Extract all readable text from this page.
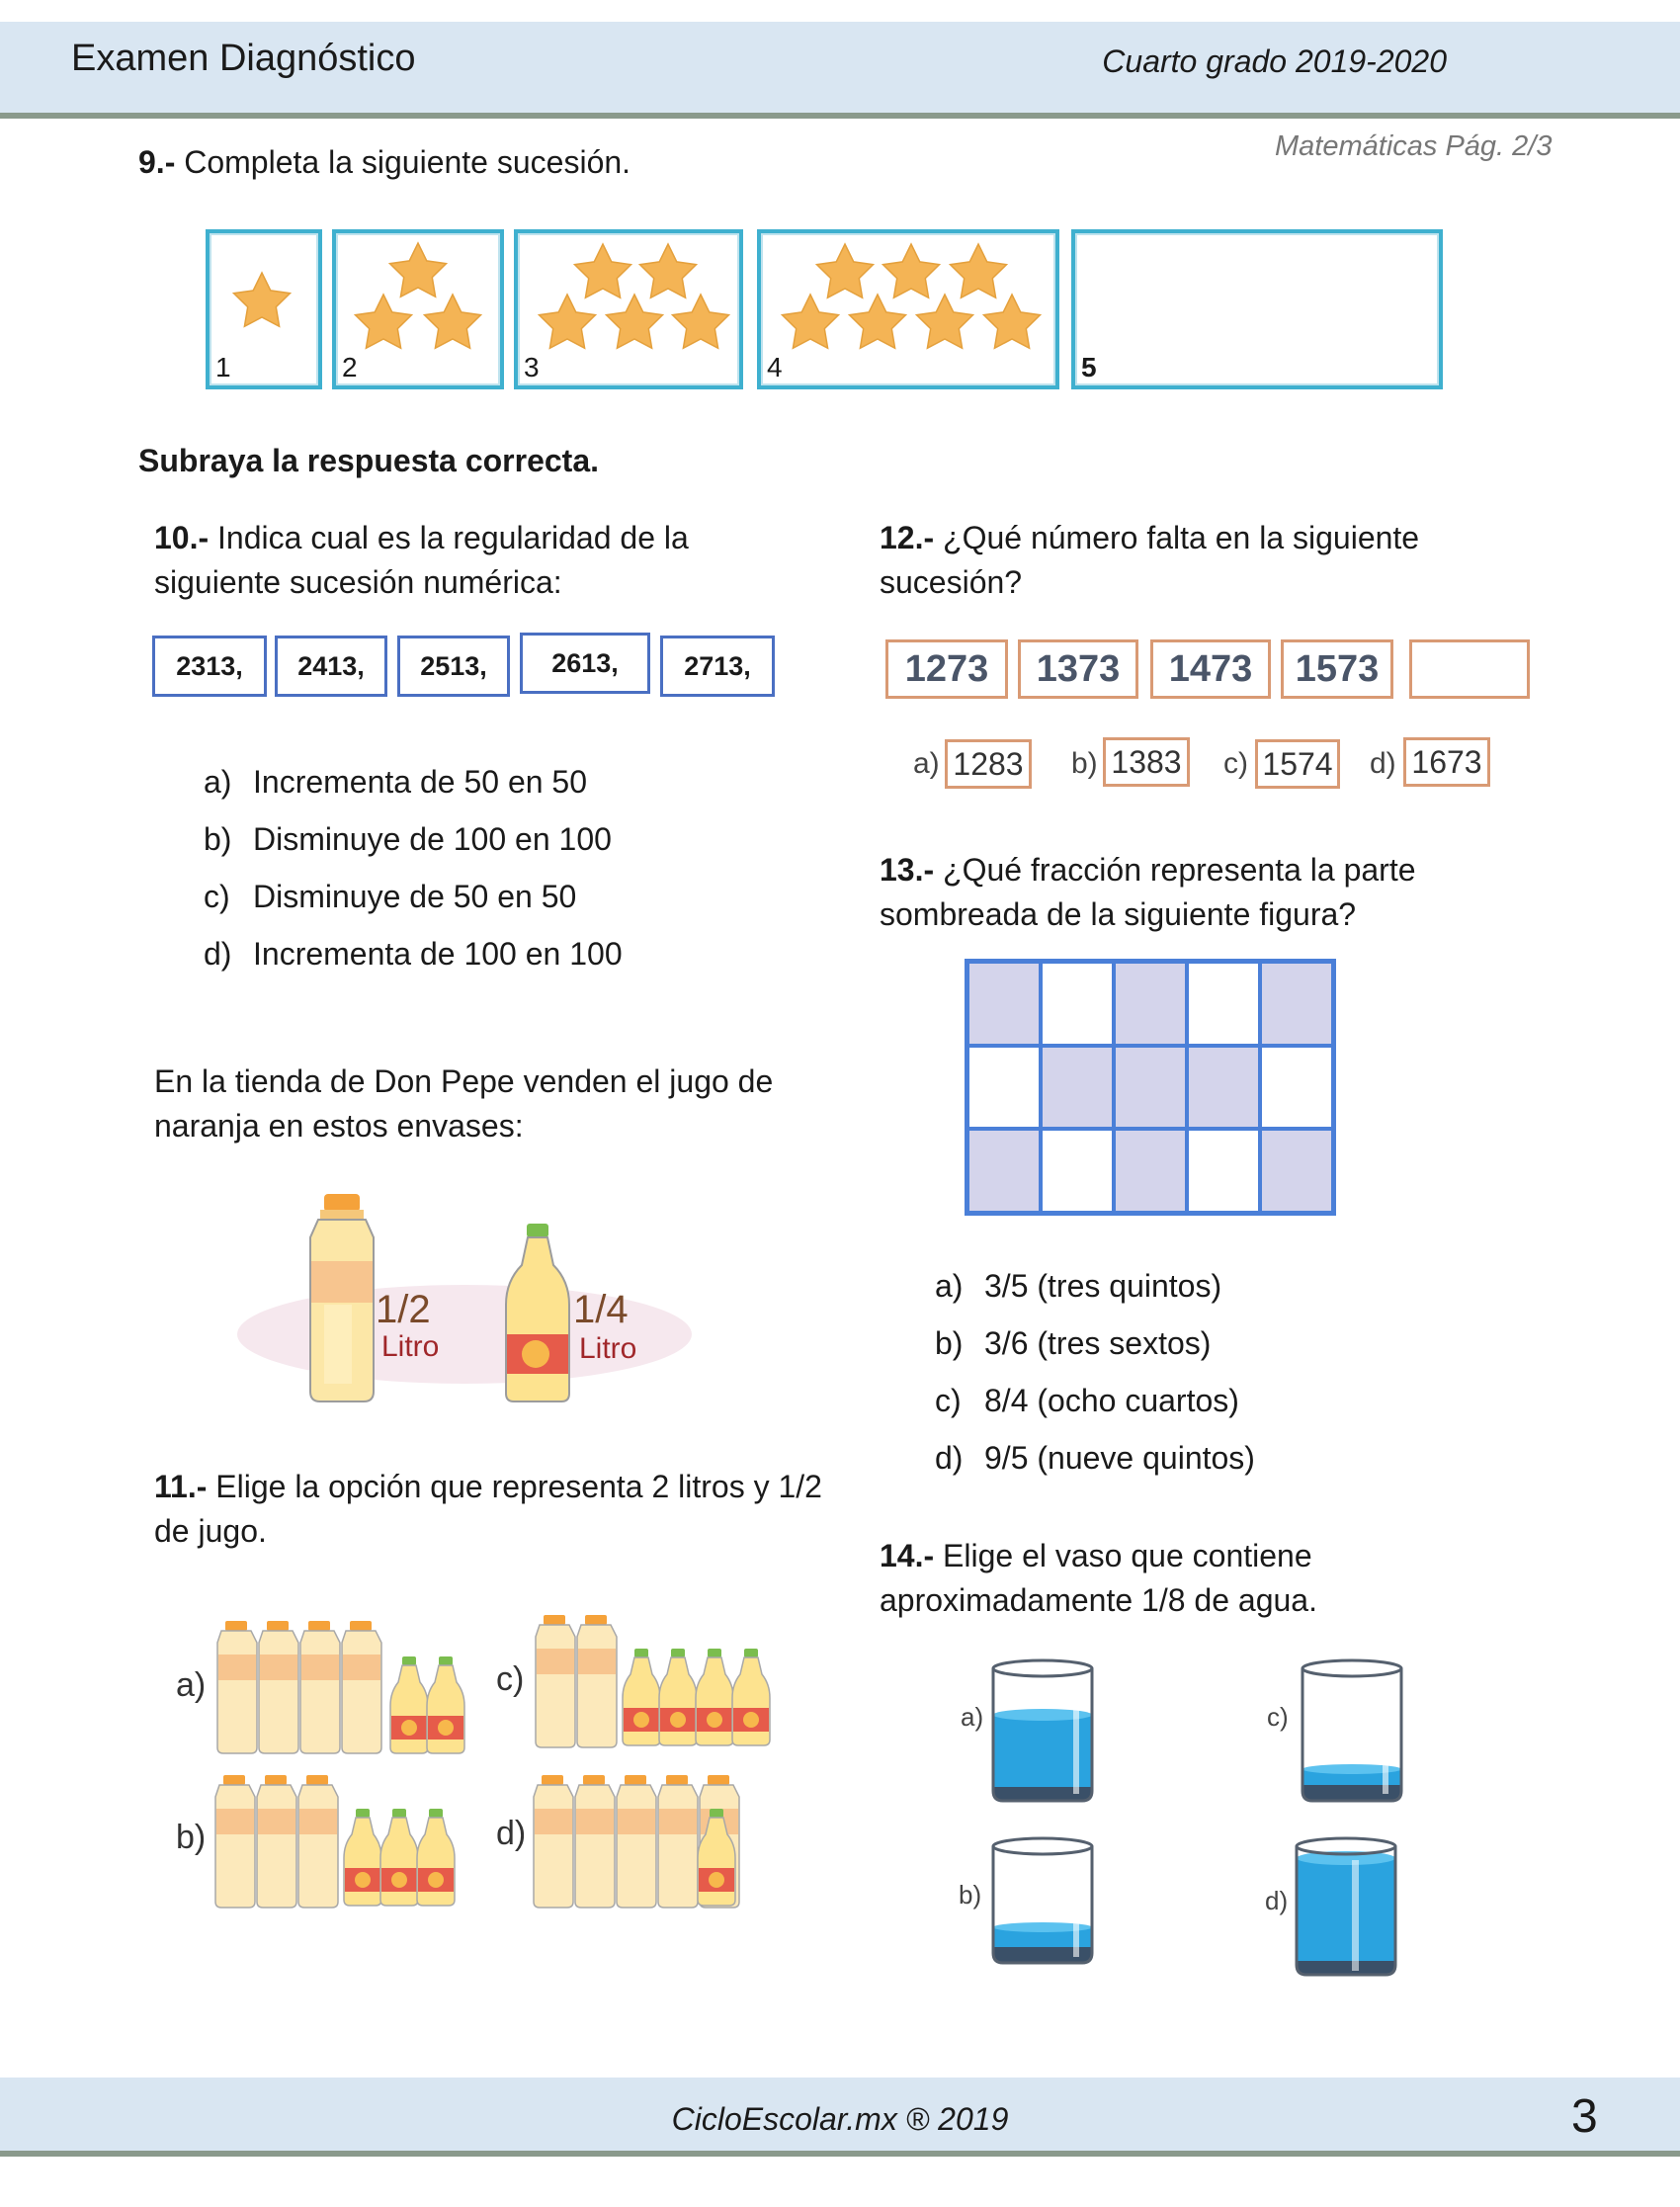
Examen Diagnóstico	Cuarto grado 2019-2020
Matemáticas Pág. 2/3
9.- Completa la siguiente sucesión.
1	2	3	4	5
Subraya la respuesta correcta.
10.- Indica cual es la regularidad de la siguiente sucesión numérica:
2313,	2413,	2513,	2613,	2713,
a) Incrementa de 50 en 50
b) Disminuye de 100 en 100
c) Disminuye de 50 en 50
d) Incrementa de 100 en 100
En la tienda de Don Pepe venden el jugo de naranja en estos envases:
1/2
Litro
1/4
Litro
11.- Elige la opción que representa 2 litros y 1/2 de jugo.
a)	c)
b)	d)
12.- ¿Qué número falta en la siguiente sucesión?
1273	1373	1473	1573
a) 1283 b) 1383 c) 1574 d) 1673
13.- ¿Qué fracción representa la parte sombreada de la siguiente figura?
a) 3/5 (tres quintos)
b) 3/6 (tres sextos)
c) 8/4 (ocho cuartos)
d) 9/5 (nueve quintos)
14.- Elige el vaso que contiene aproximadamente 1/8 de agua.
a)	c)
b)	d)
CicloEscolar.mx ® 2019	3
